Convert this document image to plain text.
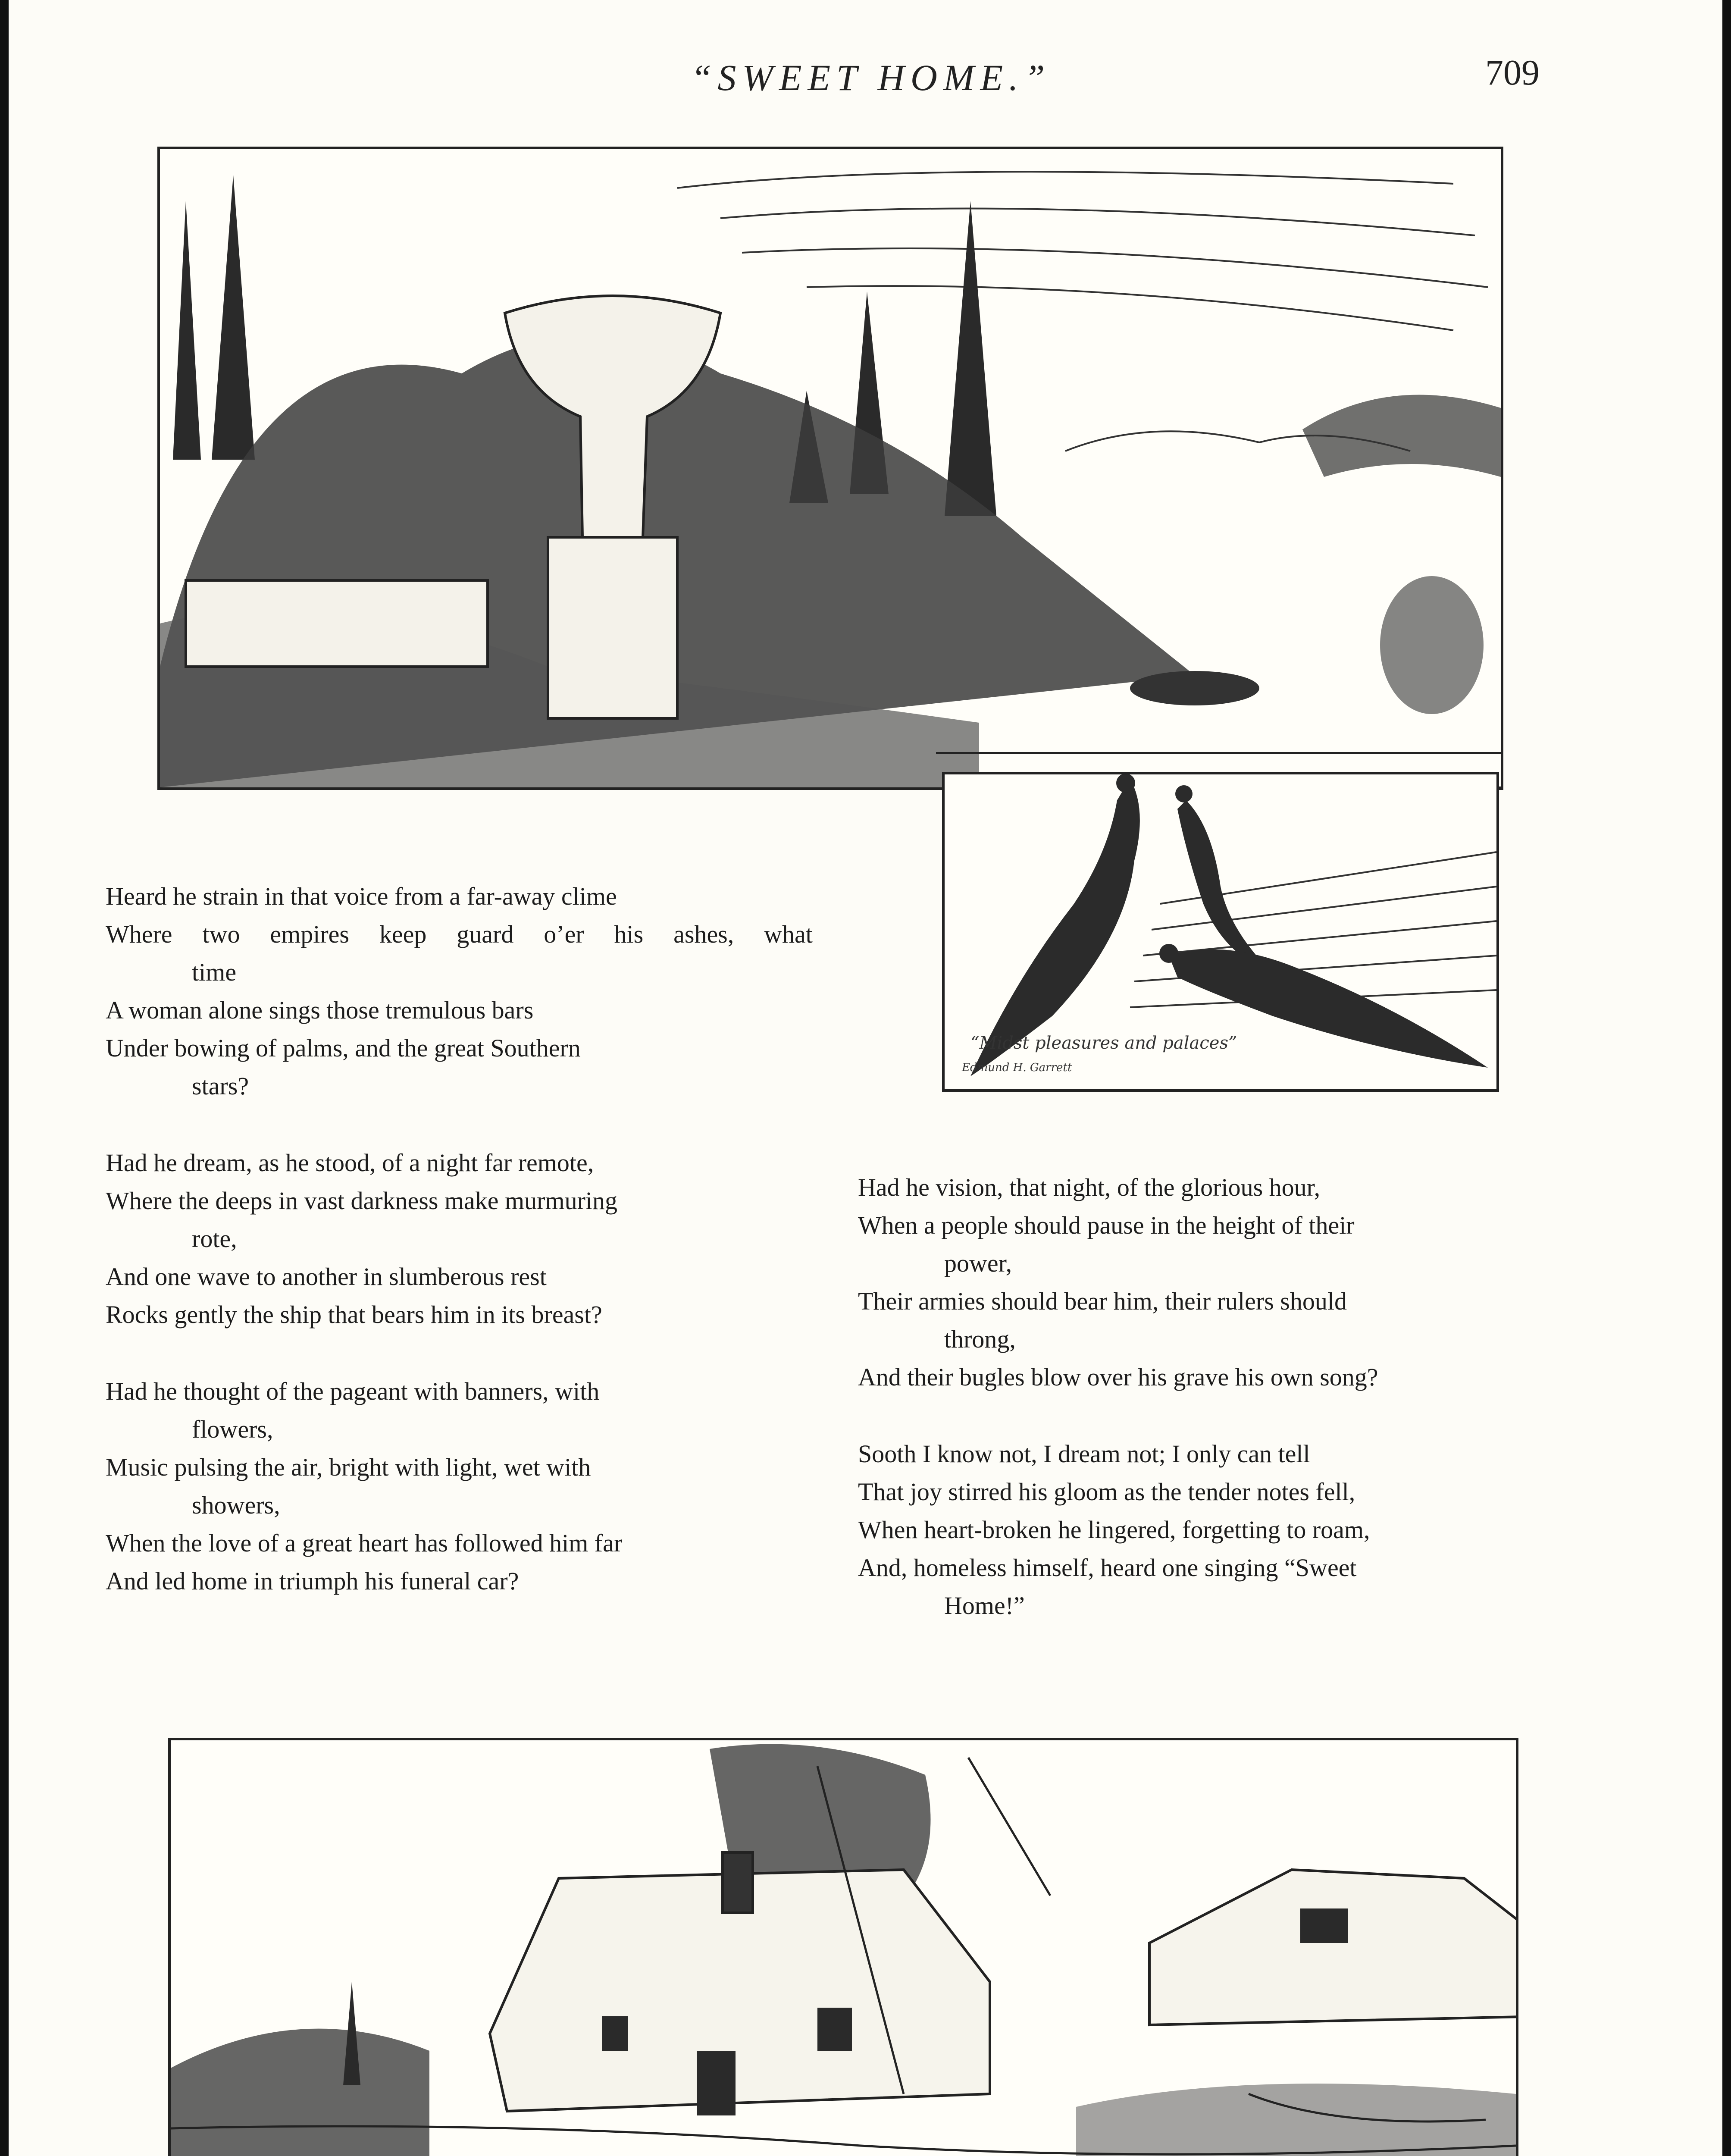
“SWEET HOME.”	709
“Midst pleasures and palaces”
Edmund H. Garrett
Heard he strain in that voice from a far-away clime
Where two empires keep guard o’er his ashes, what
time
A woman alone sings those tremulous bars
Under bowing of palms, and the great Southern
stars?
Had he dream, as he stood, of a night far remote,
Where the deeps in vast darkness make murmuring
rote,
And one wave to another in slumberous rest
Rocks gently the ship that bears him in its breast?
Had he thought of the pageant with banners, with
flowers,
Music pulsing the air, bright with light, wet with
showers,
When the love of a great heart has followed him far
And led home in triumph his funeral car?
Had he vision, that night, of the glorious hour,
When a people should pause in the height of their
power,
Their armies should bear him, their rulers should
throng,
And their bugles blow over his grave his own song?
Sooth I know not, I dream not; I only can tell
That joy stirred his gloom as the tender notes fell,
When heart-broken he lingered, forgetting to roam,
And, homeless himself, heard one singing “Sweet
Home!”
